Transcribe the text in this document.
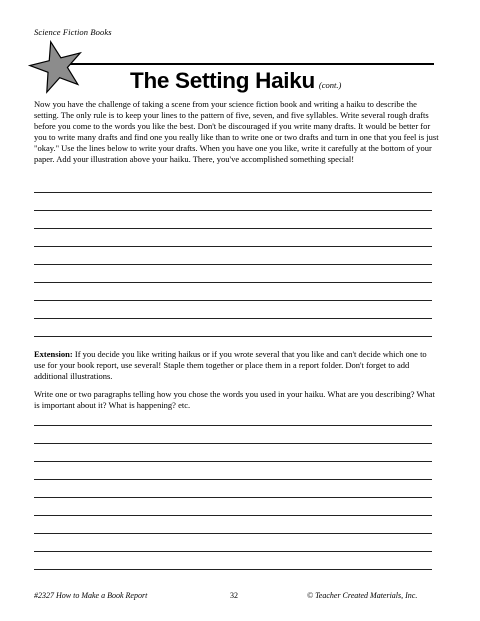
Science Fiction Books
The Setting Haiku (cont.)

Now you have the challenge of taking a scene from your science fiction book and writing a haiku to describe the setting. The only rule is to keep your lines to the pattern of five, seven, and five syllables. Write several rough drafts before you come to the words you like the best. Don't be discouraged if you write many drafts. It would be better for you to write many drafts and find one you really like than to write one or two drafts and turn in one that you feel is just "okay." Use the lines below to write your drafts. When you have one you like, write it carefully at the bottom of your paper. Add your illustration above your haiku. There, you've accomplished something special!

Extension: If you decide you like writing haikus or if you wrote several that you like and can't decide which one to use for your book report, use several! Staple them together or place them in a report folder. Don't forget to add additional illustrations.

Write one or two paragraphs telling how you chose the words you used in your haiku. What are you describing? What is important about it? What is happening? etc.

#2327 How to Make a Book Report	32	© Teacher Created Materials, Inc.
